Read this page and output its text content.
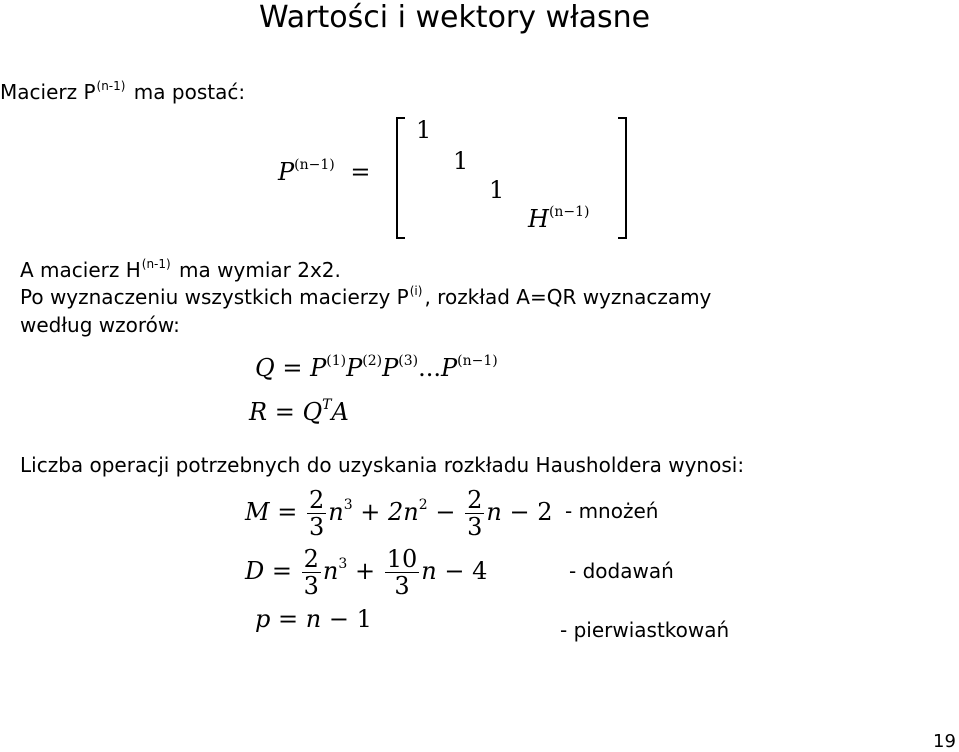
Wartości i wektory własne
Macierz $P^{(n-1)}$ ma postać:
$P^{(n-1)}$ =
1
1
1
$H^{(n-1)}$
A macierz $H^{(n-1)}$ ma wymiar 2x2.
Po wyznaczeniu wszystkich macierzy $P^{(i)}$ , rozkład A=QR wyznaczamy
według wzorów:
$Q = P^{(1)}P^{(2)}P^{(3)}...P^{(n-1)}$
$R = Q^TA$
Liczba operacji potrzebnych do uzyskania rozkładu Hausholdera wynosi:
$M = \frac{2}{3} n^3 + 2n^2 - \frac{2}{3}$ n − 2 - mnożeń
$D = \frac{2}{3} n^3 + \frac{10}{3}$ n − 4	- dodawań
p = n − 1	- pierwiastkowań
19
